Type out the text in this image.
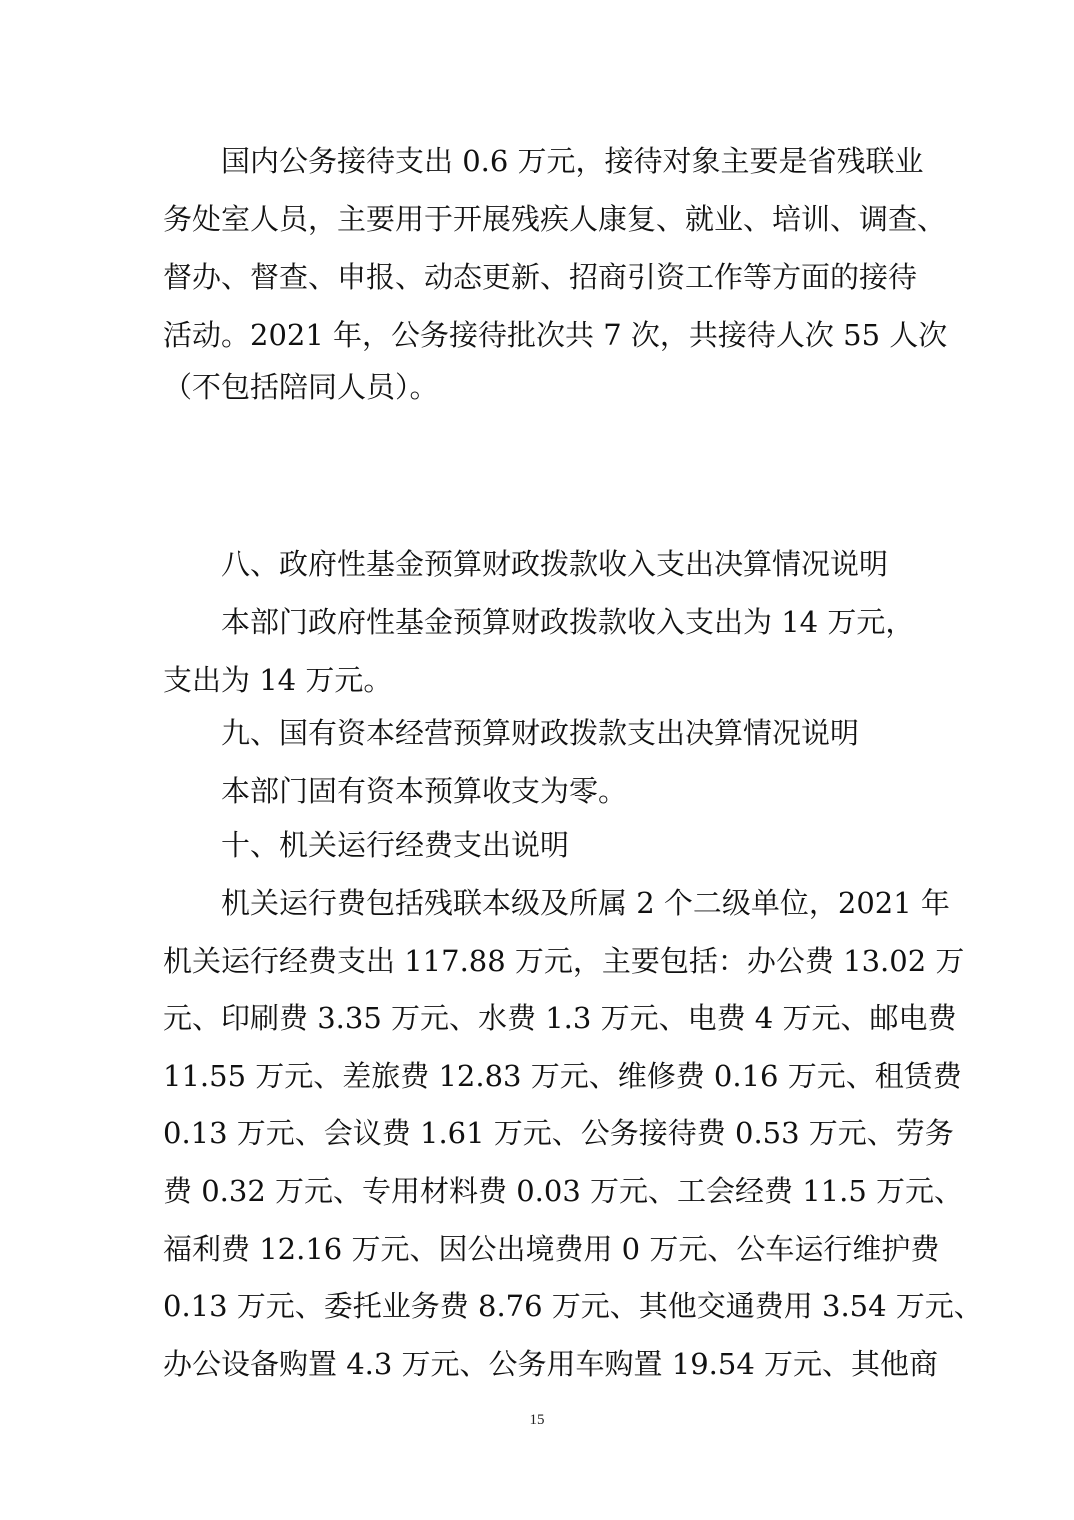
国内公务接待支出 0.6 万元，接待对象主要是省残联业
务处室人员，主要用于开展残疾人康复、就业、培训、调查、
督办、督查、申报、动态更新、招商引资工作等方面的接待
活动。2021 年，公务接待批次共 7 次，共接待人次 55 人次
（不包括陪同人员）。
八、政府性基金预算财政拨款收入支出决算情况说明
本部门政府性基金预算财政拨款收入支出为 14 万元，
支出为 14 万元。
九、国有资本经营预算财政拨款支出决算情况说明
本部门固有资本预算收支为零。
十、机关运行经费支出说明
机关运行费包括残联本级及所属 2 个二级单位，2021 年
机关运行经费支出 117.88 万元，主要包括：办公费 13.02 万
元、印刷费 3.35 万元、水费 1.3 万元、电费 4 万元、邮电费
11.55 万元、差旅费 12.83 万元、维修费 0.16 万元、租赁费
0.13 万元、会议费 1.61 万元、公务接待费 0.53 万元、劳务
费 0.32 万元、专用材料费 0.03 万元、工会经费 11.5 万元、
福利费 12.16 万元、因公出境费用 0 万元、公车运行维护费
0.13 万元、委托业务费 8.76 万元、其他交通费用 3.54 万元、
办公设备购置 4.3 万元、公务用车购置 19.54 万元、其他商
15
